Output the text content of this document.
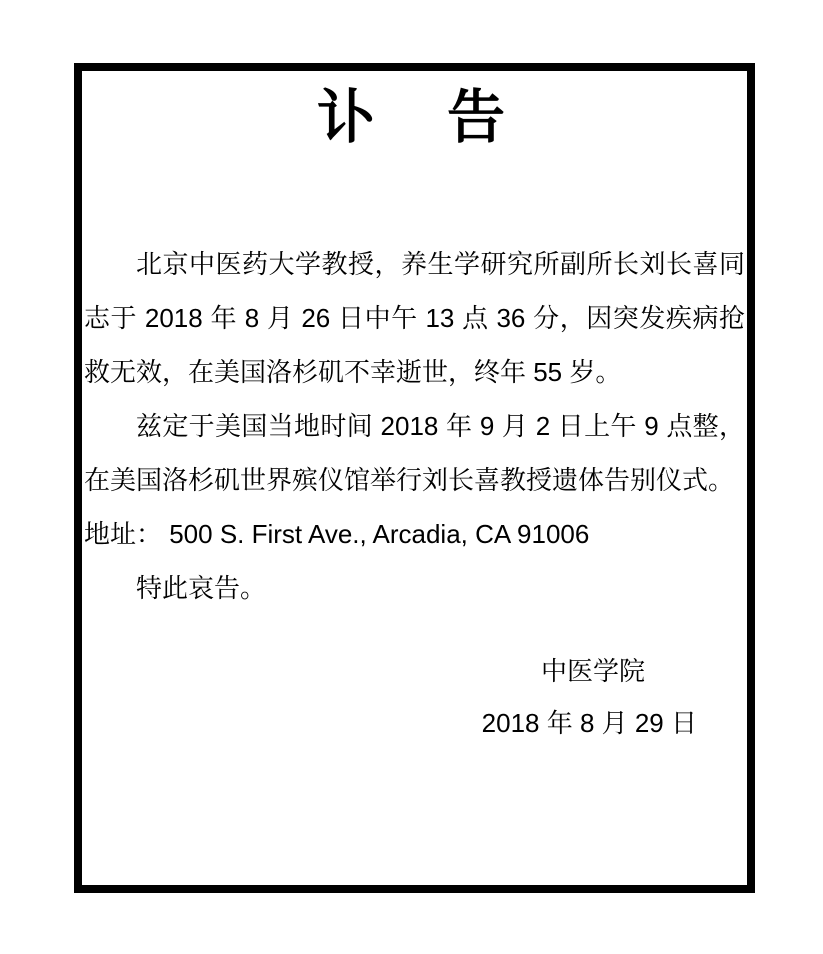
讣　告

北京中医药大学教授，养生学研究所副所长刘长喜同志于 2018 年 8 月 26 日中午 13 点 36 分，因突发疾病抢救无效，在美国洛杉矶不幸逝世，终年 55 岁。

兹定于美国当地时间 2018 年 9 月 2 日上午 9 点整，在美国洛杉矶世界殡仪馆举行刘长喜教授遗体告别仪式。

地址： 500 S. First Ave., Arcadia, CA 91006

特此哀告。

中医学院
2018 年 8 月 29 日
